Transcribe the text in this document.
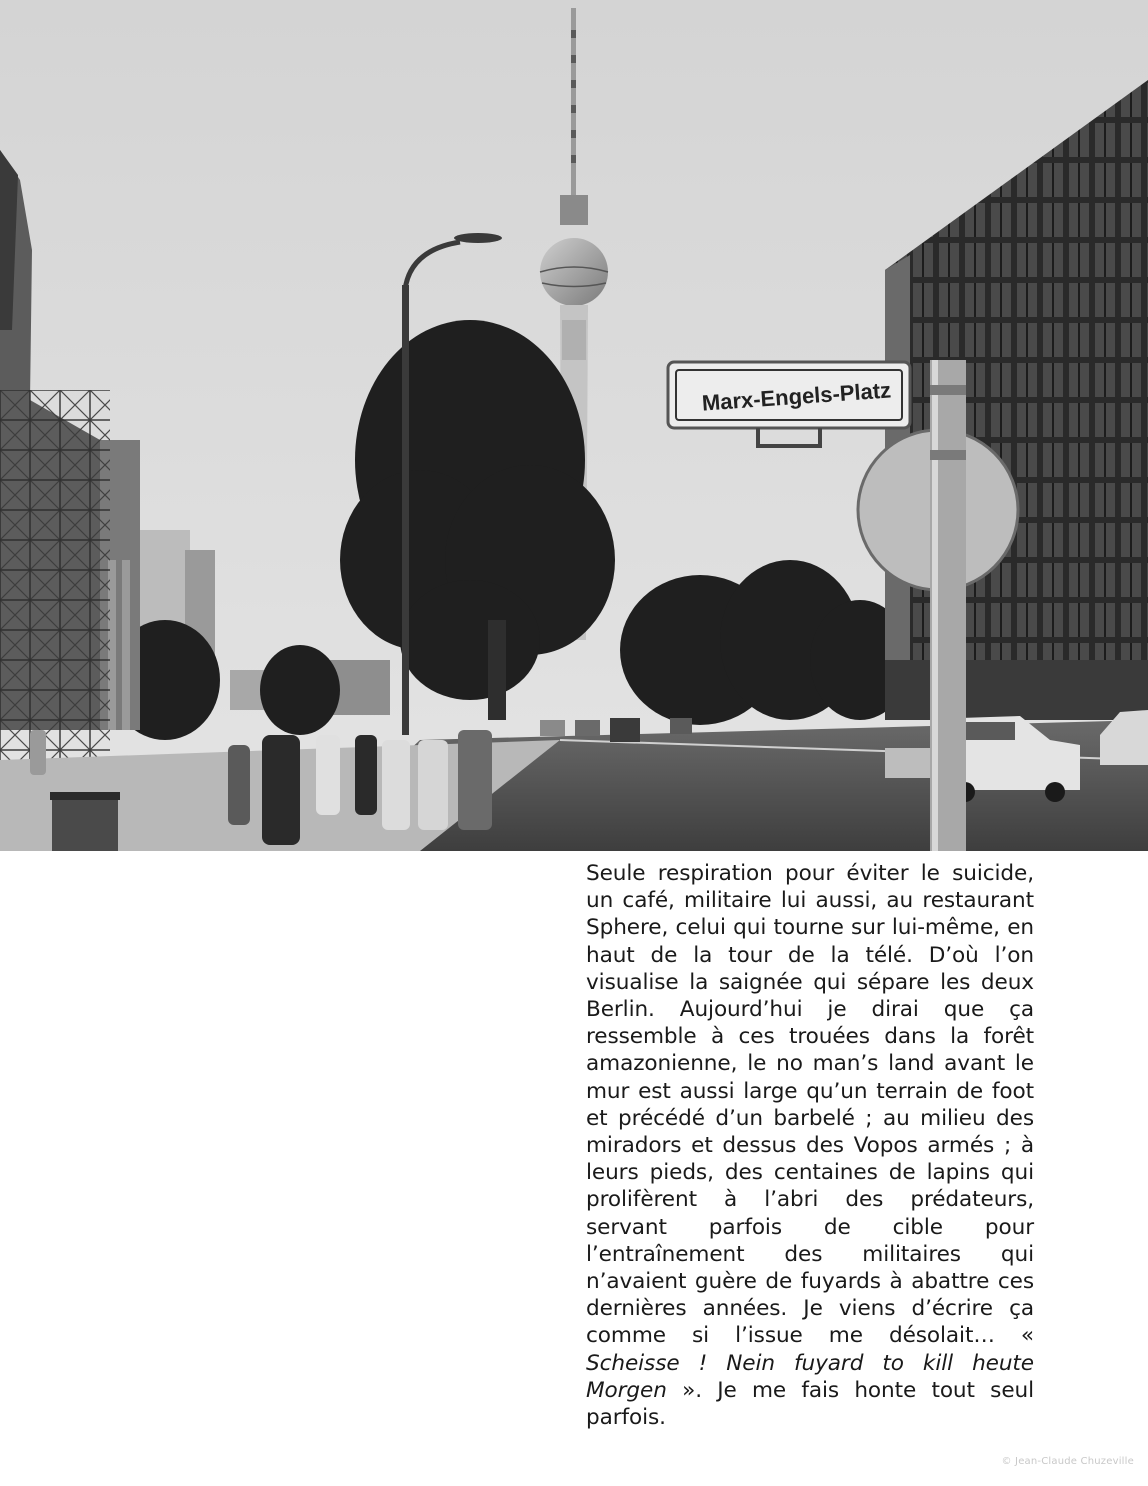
Marx-Engels-Platz

Seule respiration pour éviter le suicide, un café, militaire lui aussi, au restaurant Sphere, celui qui tourne sur lui-même, en haut de la tour de la télé. D’où l’on visualise la saignée qui sépare les deux Berlin. Aujourd’hui je dirai que ça ressemble à ces trouées dans la forêt amazonienne, le no man’s land avant le mur est aussi large qu’un terrain de foot et précédé d’un barbelé ; au milieu des miradors et dessus des Vopos armés ; à leurs pieds, des centaines de lapins qui prolifèrent à l’abri des prédateurs, servant parfois de cible pour l’entraînement des militaires qui n’avaient guère de fuyards à abattre ces dernières années. Je viens d’écrire ça comme si l’issue me désolait… « Scheisse ! Nein fuyard to kill heute Morgen ». Je me fais honte tout seul parfois.

© Jean-Claude Chuzeville
